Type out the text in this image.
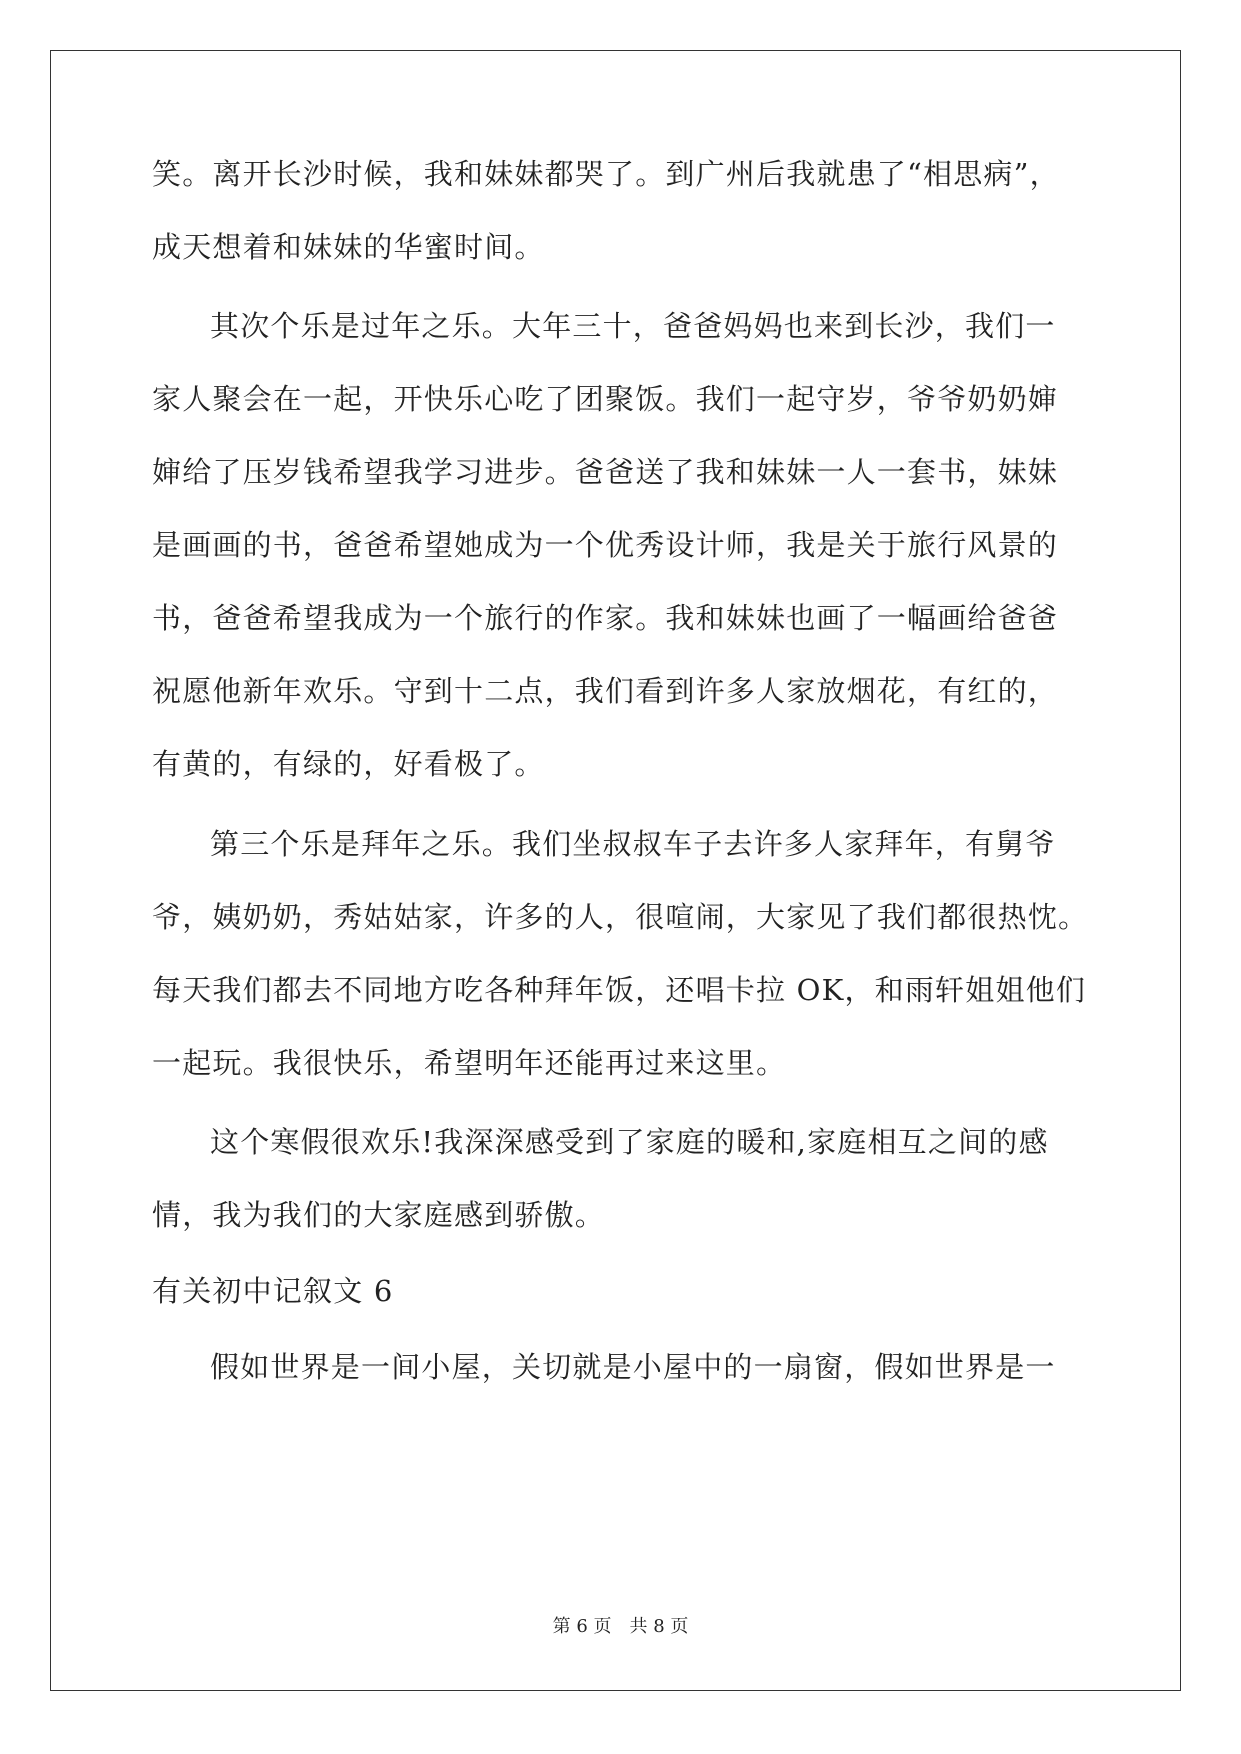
笑。离开长沙时候，我和妹妹都哭了。到广州后我就患了“相思病”，
成天想着和妹妹的华蜜时间。
其次个乐是过年之乐。大年三十，爸爸妈妈也来到长沙，我们一
家人聚会在一起，开快乐心吃了团聚饭。我们一起守岁，爷爷奶奶婶
婶给了压岁钱希望我学习进步。爸爸送了我和妹妹一人一套书，妹妹
是画画的书，爸爸希望她成为一个优秀设计师，我是关于旅行风景的
书，爸爸希望我成为一个旅行的作家。我和妹妹也画了一幅画给爸爸
祝愿他新年欢乐。守到十二点，我们看到许多人家放烟花，有红的，
有黄的，有绿的，好看极了。
第三个乐是拜年之乐。我们坐叔叔车子去许多人家拜年，有舅爷
爷，姨奶奶，秀姑姑家，许多的人，很喧闹，大家见了我们都很热忱。
每天我们都去不同地方吃各种拜年饭，还唱卡拉 OK，和雨轩姐姐他们
一起玩。我很快乐，希望明年还能再过来这里。
这个寒假很欢乐!我深深感受到了家庭的暖和,家庭相互之间的感
情，我为我们的大家庭感到骄傲。
有关初中记叙文 6
假如世界是一间小屋，关切就是小屋中的一扇窗，假如世界是一
第 6 页　共 8 页
